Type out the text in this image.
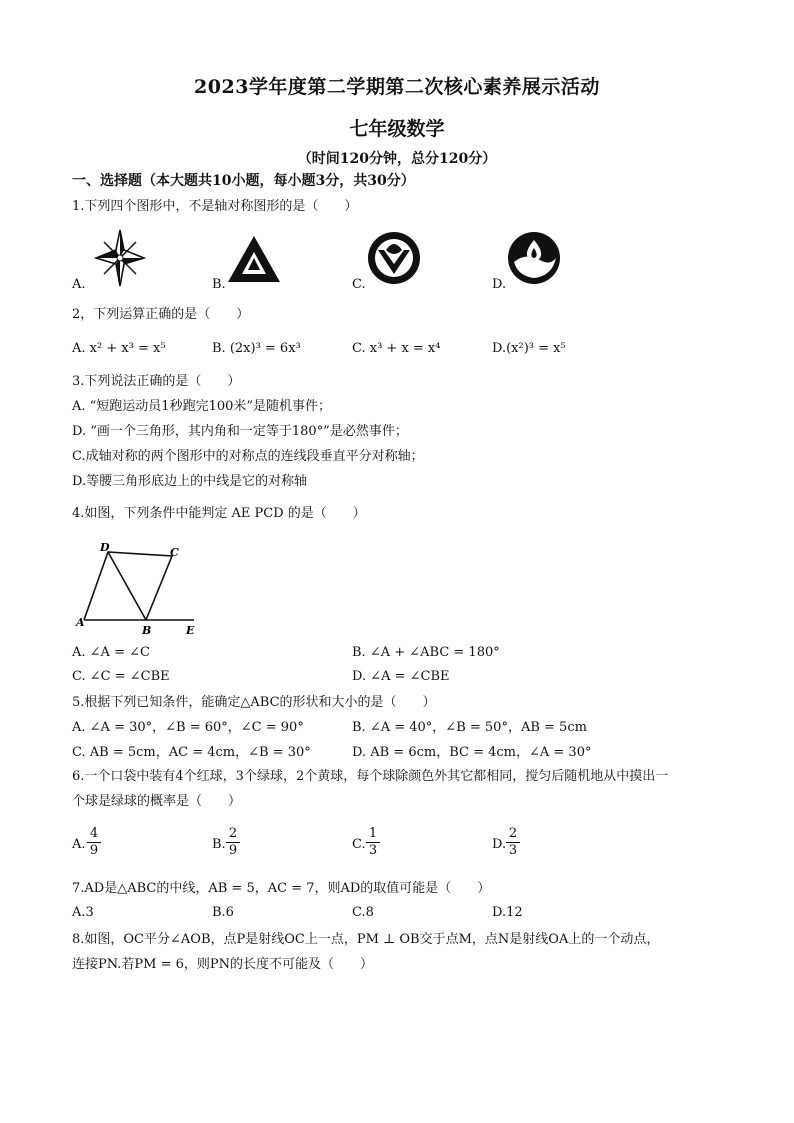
2023学年度第二学期第二次核心素养展示活动
七年级数学
（时间120分钟，总分120分）
一、选择题（本大题共10小题，每小题3分，共30分）
1.下列四个图形中，不是轴对称图形的是（　　）
A.	B.	C.	D.
2，下列运算正确的是（　　）
A. x² + x³ = x⁵	B. (2x)³ = 6x³	C. x³ + x = x⁴	D.(x²)³ = x⁵
3.下列说法正确的是（　　）
A. “短跑运动员1秒跑完100米”是随机事件；
D. “画一个三角形，其内角和一定等于180°”是必然事件；
C.成轴对称的两个图形中的对称点的连线段垂直平分对称轴；
D.等腰三角形底边上的中线是它的对称轴
4.如图，下列条件中能判定 AE PCD 的是（　　）
D	C
A
B	E
A. ∠A = ∠C	B. ∠A + ∠ABC = 180°
C. ∠C = ∠CBE	D. ∠A = ∠CBE
5.根据下列已知条件，能确定△ABC的形状和大小的是（　　）
A. ∠A = 30°，∠B = 60°，∠C = 90°	B. ∠A = 40°，∠B = 50°，AB = 5cm
C. AB = 5cm，AC = 4cm，∠B = 30°	D. AB = 6cm，BC = 4cm，∠A = 30°
6.一个口袋中装有4个红球，3个绿球，2个黄球，每个球除颜色外其它都相同，搅匀后随机地从中摸出一
个球是绿球的概率是（　　）
A. $\frac{4}{9}$	B. $\frac{2}{9}$	C. $\frac{1}{3}$	D. $\frac{2}{3}$
7.AD是△ABC的中线，AB = 5，AC = 7，则AD的取值可能是（　　）
A.3	B.6	C.8	D.12
8.如图，OC平分∠AOB，点P是射线OC上一点，PM ⊥ OB交于点M，点N是射线OA上的一个动点，
连接PN.若PM = 6，则PN的长度不可能及（　　）
